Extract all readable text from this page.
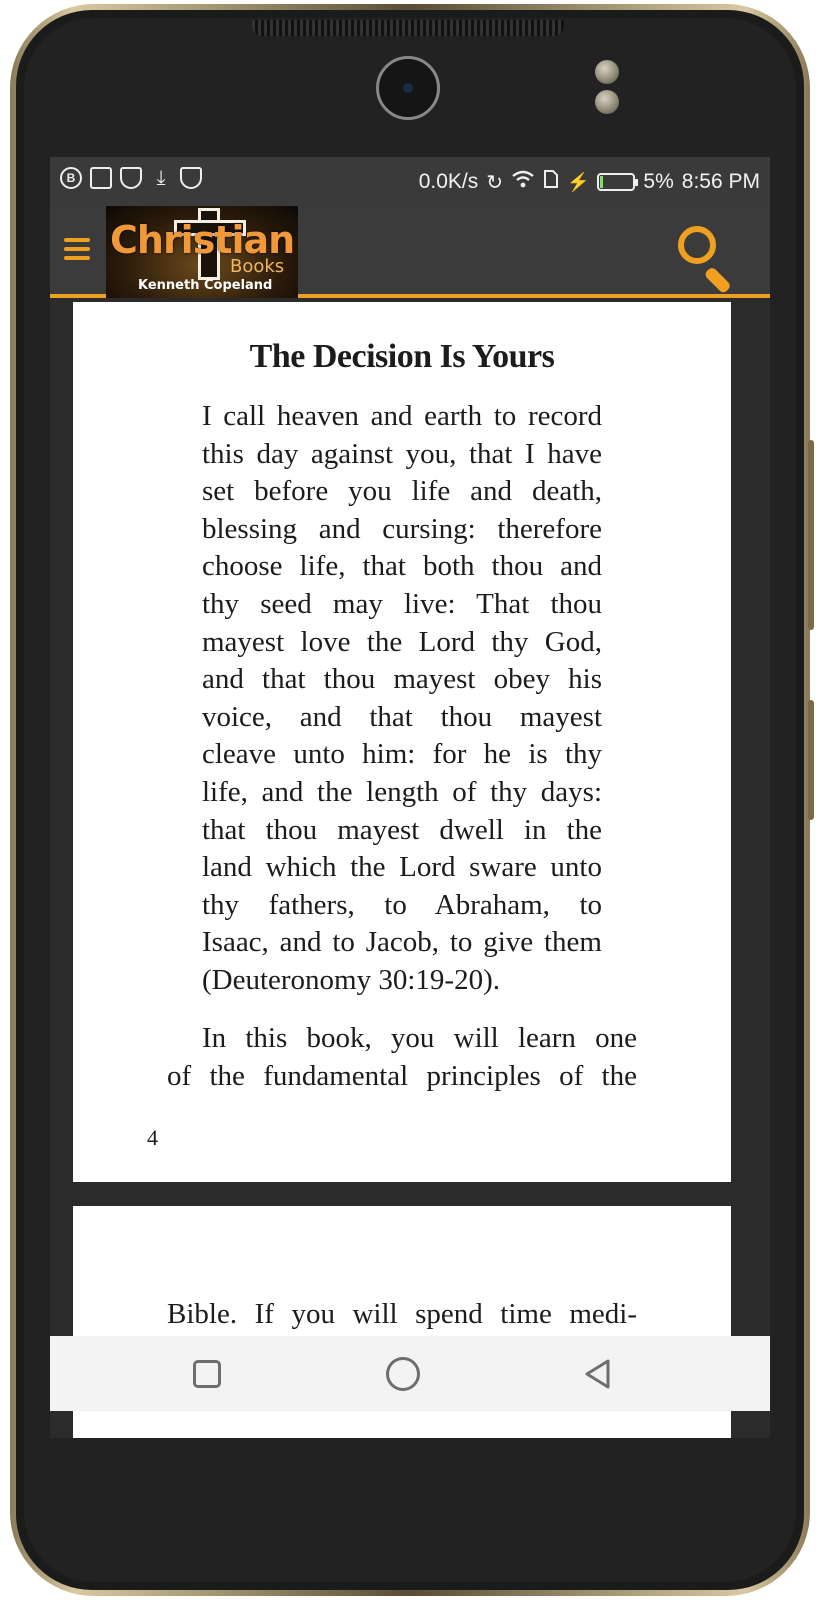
B	⤓	0.0K/s ↻	⚡	5% 8:56 PM
Christian
Books
Kenneth Copeland
The Decision Is Yours
I call heaven and earth to record
this day against you, that I have
set before you life and death,
blessing and cursing: therefore
choose life, that both thou and
thy seed may live: That thou
mayest love the Lord thy God,
and that thou mayest obey his
voice, and that thou mayest
cleave unto him: for he is thy
life, and the length of thy days:
that thou mayest dwell in the
land which the Lord sware unto
thy fathers, to Abraham, to
Isaac, and to Jacob, to give them
(Deuteronomy 30:19-20).
In this book, you will learn one
of the fundamental principles of the
4
Bible. If you will spend time medi-
